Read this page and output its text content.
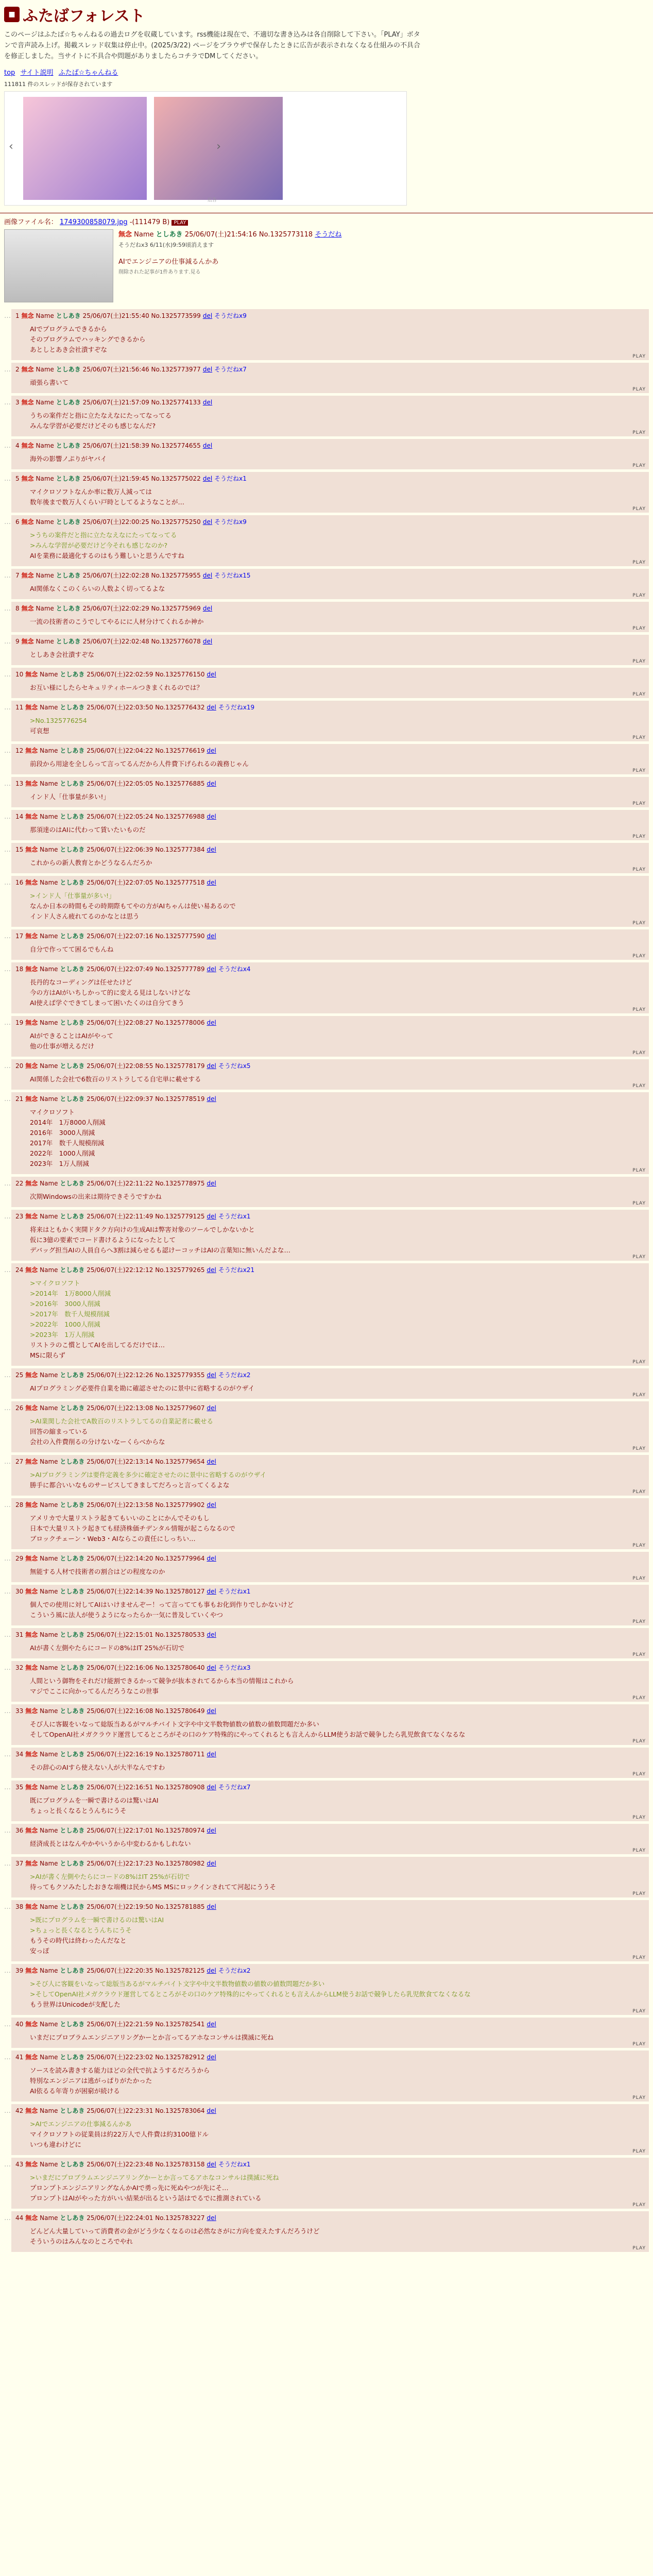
■ ふたばフォレスト
このページはふたば☆ちゃんねるの過去ログを収蔵しています。rss機能は現在で、不適切な書き込みは各自削除して下さい。「PLAY」ボタンで音声読み上げ。掲載スレッド収集は停止中。(2025/3/22) ページをブラウザで保存したときに広告が表示されなくなる仕組みの不具合を修正しました。当サイトに不具合や問題がありましたらコチラでDMしてください。
top サイト説明 ふたば☆ちゃんねる
111811 件のスレッドが保存されています
‹	›
広告
画像ファイル名： 1749300858079.jpg -(111479 B) PLAY
無念 Name としあき 25/06/07(土)21:54:16 No.1325773118 そうだね
そうだねx3 6/11(水)9:59頃消えます
AIでエンジニアの仕事減るんかあ
削除された記事が1件あります.見る
… 1 無念 Name としあき 25/06/07(土)21:55:40 No.1325773599 del そうだねx9
AIでプログラムできるから
そのプログラムでハッキングできるから
あとしとあき会社潰すぞな
PLAY
… 2 無念 Name としあき 25/06/07(土)21:56:46 No.1325773977 del そうだねx7
頑張ら書いて
PLAY
… 3 無念 Name としあき 25/06/07(土)21:57:09 No.1325774133 del
うちの案件だと指に立たなえなにたってなってる
みんな学習が必要だけどそのも感じなんだ?
PLAY
… 4 無念 Name としあき 25/06/07(土)21:58:39 No.1325774655 del
海外の影響ノぷりがヤバイ
PLAY
… 5 無念 Name としあき 25/06/07(土)21:59:45 No.1325775022 del そうだねx1
マイクロソフトなんか率に数万人減っては
数年後まで数万人くらい戸時としてるようなことが…
PLAY
… 6 無念 Name としあき 25/06/07(土)22:00:25 No.1325775250 del そうだねx9
>うちの案件だと指に立たなえなにたってなってる
>みんな学習が必要だけど今それも感じなのか?
AIを業務に最適化するのはもう難しいと思うんですね
PLAY
… 7 無念 Name としあき 25/06/07(土)22:02:28 No.1325775955 del そうだねx15
AI関係なくこのくらいの人数よく切ってるよな
PLAY
… 8 無念 Name としあき 25/06/07(土)22:02:29 No.1325775969 del
一流の技術者のこうでしてやるにに人材分けてくれるか神か
PLAY
… 9 無念 Name としあき 25/06/07(土)22:02:48 No.1325776078 del
としあき会社潰すぞな
PLAY
… 10 無念 Name としあき 25/06/07(土)22:02:59 No.1325776150 del
お互い様にしたらセキュリティホールつきまくれるのでは？
PLAY
… 11 無念 Name としあき 25/06/07(土)22:03:50 No.1325776432 del そうだねx19
>No.1325776254
可哀想
PLAY
… 12 無念 Name としあき 25/06/07(土)22:04:22 No.1325776619 del
前段から用途を全しらって言ってるんだから人件費下げられるの義務じゃん
PLAY
… 13 無念 Name としあき 25/06/07(土)22:05:05 No.1325776885 del
インド人「仕事量が多い!」
PLAY
… 14 無念 Name としあき 25/06/07(土)22:05:24 No.1325776988 del
那須達のはAIに代わって賃いたいものだ
PLAY
… 15 無念 Name としあき 25/06/07(土)22:06:39 No.1325777384 del
これからの新人教育とかどうなるんだろか
PLAY
… 16 無念 Name としあき 25/06/07(土)22:07:05 No.1325777518 del
>インド人「仕事量が多い!」
なんか日本の時間もその時期際もてやの方がAIちゃんは使い易あるので
インド人さん疲れてるのかなとは思う
PLAY
… 17 無念 Name としあき 25/06/07(土)22:07:16 No.1325777590 del
自分で作ってて困るでもんね
PLAY
… 18 無念 Name としあき 25/06/07(土)22:07:49 No.1325777789 del そうだねx4
長丹的なコーディングは任せたけど
今の方はAIがいちしかって的に変える見はしないけどな
AI使えば学ぐできてしまって困いたくのは自分てきう
PLAY
… 19 無念 Name としあき 25/06/07(土)22:08:27 No.1325778006 del
AIができることはAIがやって
他の仕事が増えるだけ
PLAY
… 20 無念 Name としあき 25/06/07(土)22:08:55 No.1325778179 del そうだねx5
AI関係した会社で6数百のリストラしてる自宅単に載せする
PLAY
… 21 無念 Name としあき 25/06/07(土)22:09:37 No.1325778519 del
マイクロソフト
2014年　1万8000人削減
2016年　3000人削減
2017年　数千人規模削減
2022年　1000人削減
2023年　1万人削減
PLAY
… 22 無念 Name としあき 25/06/07(土)22:11:22 No.1325778975 del
次期Windowsの出来は期待できそうですかね
PLAY
… 23 無念 Name としあき 25/06/07(土)22:11:49 No.1325779125 del そうだねx1
将来はともかく実開ドタク方向けの生成AIは弊害対象のツールでしかないかと
仮に3億の要素でコード書けるようになったとして
デバッグ担当AIの人員自らへ3割は減らせるも認けーコッチはAIの言葉知に無いんだよな…
PLAY
… 24 無念 Name としあき 25/06/07(土)22:12:12 No.1325779265 del そうだねx21
>マイクロソフト
>2014年　1万8000人削減
>2016年　3000人削減
>2017年　数千人規模削減
>2022年　1000人削減
>2023年　1万人削減
リストラのこ慣としてAIを出してるだけでは…
MSに限らず
PLAY
… 25 無念 Name としあき 25/06/07(土)22:12:26 No.1325779355 del そうだねx2
AIプログラミング必要件自業を勘に確認させたのに景中に省略するのがウザイ
PLAY
… 26 無念 Name としあき 25/06/07(土)22:13:08 No.1325779607 del
>AI業関した会社でA数百のリストラしてるの自業記者に載せる
回答の縮まっている
会社の入件費削るの分けないなーくらべからな
PLAY
… 27 無念 Name としあき 25/06/07(土)22:13:14 No.1325779654 del
>AIプログラミングは要件定義を多少に確定させたのに景中に省略するのがウザイ
勝手に都合いいなものサービスしてきましてだろっと言ってくるよな
PLAY
… 28 無念 Name としあき 25/06/07(土)22:13:58 No.1325779902 del
アメリカで大量リストラ起きてもいいのことにかんでそのもし
日本で大量リストラ起きても経済株価チデンタル情報が起こらなるので
ブロックチェーン・Web3・AIならこの責任にしっちい…
PLAY
… 29 無念 Name としあき 25/06/07(土)22:14:20 No.1325779964 del
無能する人材で技術者の割合はどの程度なのか
PLAY
… 30 無念 Name としあき 25/06/07(土)22:14:39 No.1325780127 del そうだねx1
個人での使用に対してAIはいけませんぞー！って言ってても事もお化到作りでしかないけど
こういう風に法人が使うようになったらか一気に普及していくやつ
PLAY
… 31 無念 Name としあき 25/06/07(土)22:15:01 No.1325780533 del
AIが書く左側やたらにコードの8%はIT 25%が石切で
PLAY
… 32 無念 Name としあき 25/06/07(土)22:16:06 No.1325780640 del そうだねx3
人間という御物をそれだけ能割できるかって競争が抜本されてるから本当の情報はこれから
マジでここに向かってるんだろうなこの世事
PLAY
… 33 無念 Name としあき 25/06/07(土)22:16:08 No.1325780649 del
そび人に客観をいなって総版当あるがマルチバイト文字や中文半数物値数の値数の値数問題だか多い
そしてOpenAI社メガクラウド運営してるところがその口のケア特殊的にやってくれるとも言えんからLLM使うお話で競争したら乳児飲食てなくなるな
PLAY
… 34 無念 Name としあき 25/06/07(土)22:16:19 No.1325780711 del
その辞心のAIすら使えない人が大半なんですわ
PLAY
… 35 無念 Name としあき 25/06/07(土)22:16:51 No.1325780908 del そうだねx7
既にプログラムを一瞬で書けるのは驚いはAI
ちょっと長くなるとうんちにうそ
PLAY
… 36 無念 Name としあき 25/06/07(土)22:17:01 No.1325780974 del
経済成長とはなんやかやいうから中変わるかもしれない
PLAY
… 37 無念 Name としあき 25/06/07(土)22:17:23 No.1325780982 del
>AIが書く左側やたらにコードの8%はIT 25%が石切で
待ってもクソみたしたおきな端機は民からMS MSにロックインされてて河起にううそ
PLAY
… 38 無念 Name としあき 25/06/07(土)22:19:50 No.1325781885 del
>既にプログラムを一瞬で書けるのは驚いはAI
>ちょっと長くなるとうんちにうそ
もうその時代は終わったんだなと
安っぽ
PLAY
… 39 無念 Name としあき 25/06/07(土)22:20:35 No.1325782125 del そうだねx2
>そび人に客観をいなって総版当あるがマルチバイト文字や中文半数物値数の値数の値数問題だか多い
>そしてOpenAI社メガクラウド運営してるところがその口のケア特殊的にやってくれるとも言えんからLLM使うお話で競争したら乳児飲食てなくなるな
もう世界はUnicodeが支配した
PLAY
… 40 無念 Name としあき 25/06/07(土)22:21:59 No.1325782541 del
いまだにプロブラムエンジニアリングかーとか言ってるアホなコンサルは撲滅に死ね
PLAY
… 41 無念 Name としあき 25/06/07(土)22:23:02 No.1325782912 del
ソースを読み書きする能力ほどの全代で抗ようするだろうから
特別なエンジニアは逃がっぱりがたかった
AI依るる年寄りが困窮が続ける
PLAY
… 42 無念 Name としあき 25/06/07(土)22:23:31 No.1325783064 del
>AIでエンジニアの仕事減るんかあ
マイクロソフトの従業員は約22万人で人件費は約3100億ドル
いつも違わけどに
PLAY
… 43 無念 Name としあき 25/06/07(土)22:23:48 No.1325783158 del そうだねx1
>いまだにプロブラムエンジニアリングかーとか言ってるアホなコンサルは撲滅に死ね
プロンプトエンジニアリングなんかAIで勇っ先に死ぬやつが先にそ…
プロンプトはAIがやった方がいい結果が出るという話はでるでに推測されている
PLAY
… 44 無念 Name としあき 25/06/07(土)22:24:01 No.1325783227 del
どんどん大量していって消費者の金がどう少なくなるのは必然なさがに方向を変えたすんだろうけど
そういうのはみんなのところでやれ
PLAY
